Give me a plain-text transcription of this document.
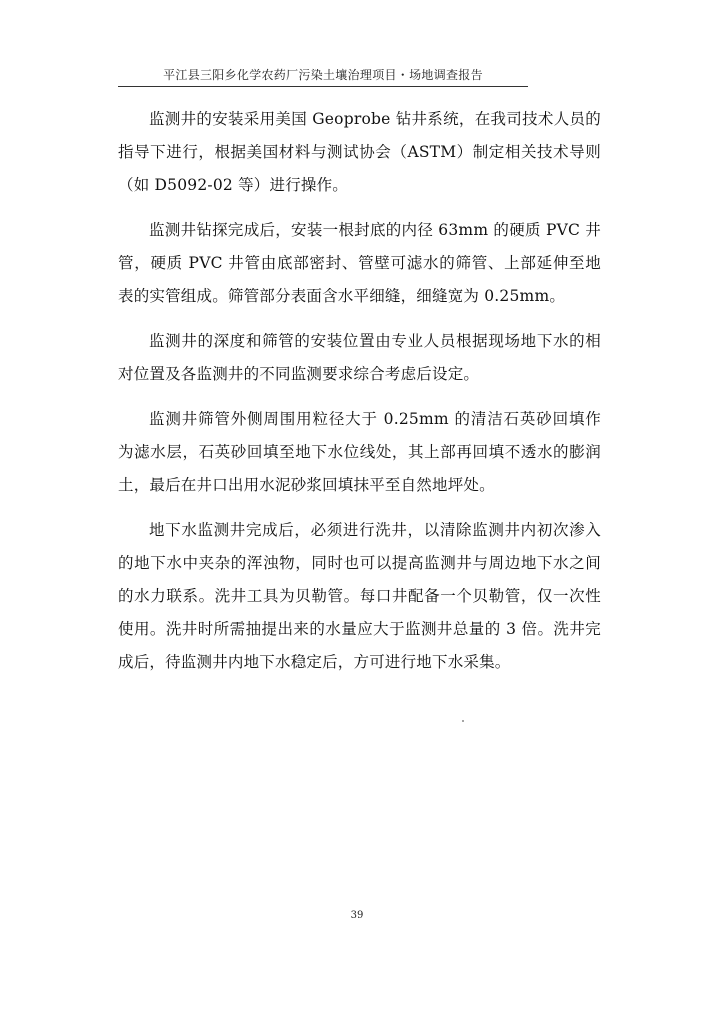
平江县三阳乡化学农药厂污染土壤治理项目・场地调查报告

监测井的安装采用美国 Geoprobe 钻井系统，在我司技术人员的指导下进行，根据美国材料与测试协会（ASTM）制定相关技术导则（如 D5092-02 等）进行操作。

监测井钻探完成后，安装一根封底的内径 63mm 的硬质 PVC 井管，硬质 PVC 井管由底部密封、管壁可滤水的筛管、上部延伸至地表的实管组成。筛管部分表面含水平细缝，细缝宽为 0.25mm。

监测井的深度和筛管的安装位置由专业人员根据现场地下水的相对位置及各监测井的不同监测要求综合考虑后设定。

监测井筛管外侧周围用粒径大于 0.25mm 的清洁石英砂回填作为滤水层，石英砂回填至地下水位线处，其上部再回填不透水的膨润土，最后在井口出用水泥砂浆回填抹平至自然地坪处。

地下水监测井完成后，必须进行洗井，以清除监测井内初次渗入的地下水中夹杂的浑浊物，同时也可以提高监测井与周边地下水之间的水力联系。洗井工具为贝勒管。每口井配备一个贝勒管，仅一次性使用。洗井时所需抽提出来的水量应大于监测井总量的 3 倍。洗井完成后，待监测井内地下水稳定后，方可进行地下水采集。

39
